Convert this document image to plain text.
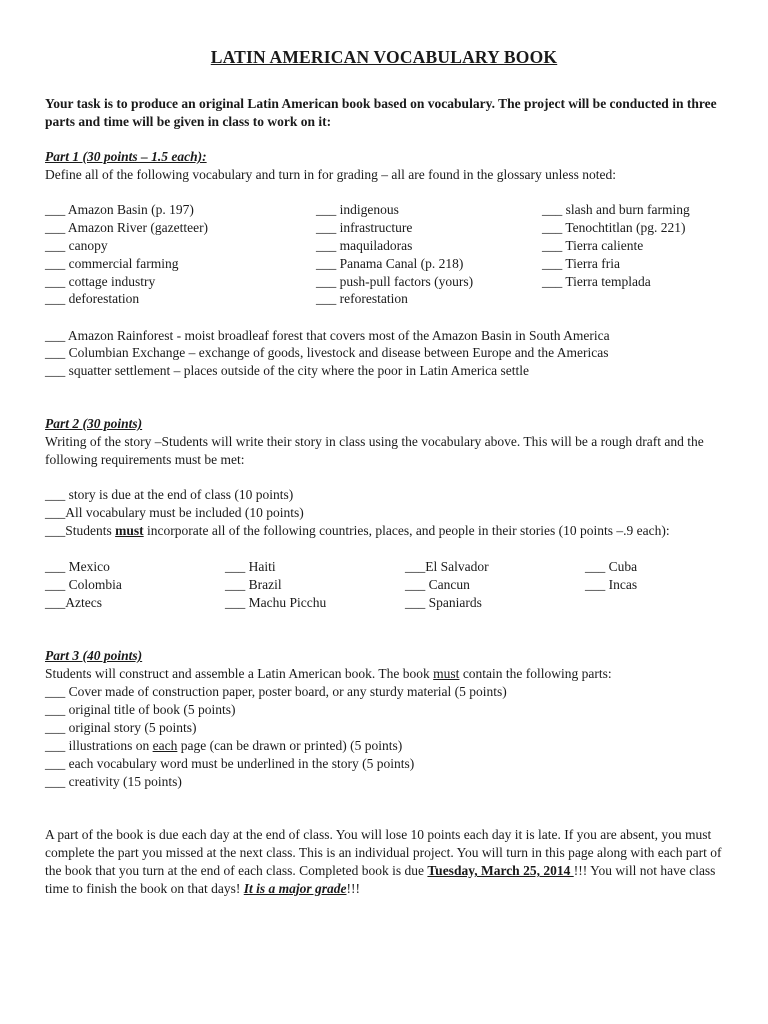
LATIN AMERICAN VOCABULARY BOOK
Your task is to produce an original Latin American book based on vocabulary. The project will be conducted in three parts and time will be given in class to work on it:
Part 1 (30 points – 1.5 each):
Define all of the following vocabulary and turn in for grading – all are found in the glossary unless noted:
___ Amazon Basin (p. 197)	___ indigenous	___ slash and burn farming
___ Amazon River (gazetteer)	___ infrastructure	___ Tenochtitlan (pg. 221)
___ canopy	___ maquiladoras	___ Tierra caliente
___ commercial farming	___ Panama Canal (p. 218)	___ Tierra fria
___ cottage industry	___ push-pull factors (yours)	___ Tierra templada
___ deforestation	___ reforestation
___ Amazon Rainforest - moist broadleaf forest that covers most of the Amazon Basin in South America
___ Columbian Exchange – exchange of goods, livestock and disease between Europe and the Americas
___ squatter settlement – places outside of the city where the poor in Latin America settle
Part 2 (30 points)
Writing of the story –Students will write their story in class using the vocabulary above. This will be a rough draft and the following requirements must be met:
___ story is due at the end of class (10 points)
___All vocabulary must be included (10 points)
___Students must incorporate all of the following countries, places, and people in their stories (10 points –.9 each):
___ Mexico	___ Haiti	___El Salvador	___ Cuba
___ Colombia	___ Brazil	___ Cancun	___ Incas
___Aztecs	___ Machu Picchu	___ Spaniards
Part 3 (40 points)
Students will construct and assemble a Latin American book. The book must contain the following parts:
___ Cover made of construction paper, poster board, or any sturdy material (5 points)
___ original title of book (5 points)
___ original story (5 points)
___ illustrations on each page (can be drawn or printed) (5 points)
___ each vocabulary word must be underlined in the story (5 points)
___ creativity (15 points)
A part of the book is due each day at the end of class. You will lose 10 points each day it is late. If you are absent, you must complete the part you missed at the next class. This is an individual project. You will turn in this page along with each part of the book that you turn at the end of each class. Completed book is due Tuesday, March 25, 2014 !!! You will not have class time to finish the book on that days! It is a major grade!!!
